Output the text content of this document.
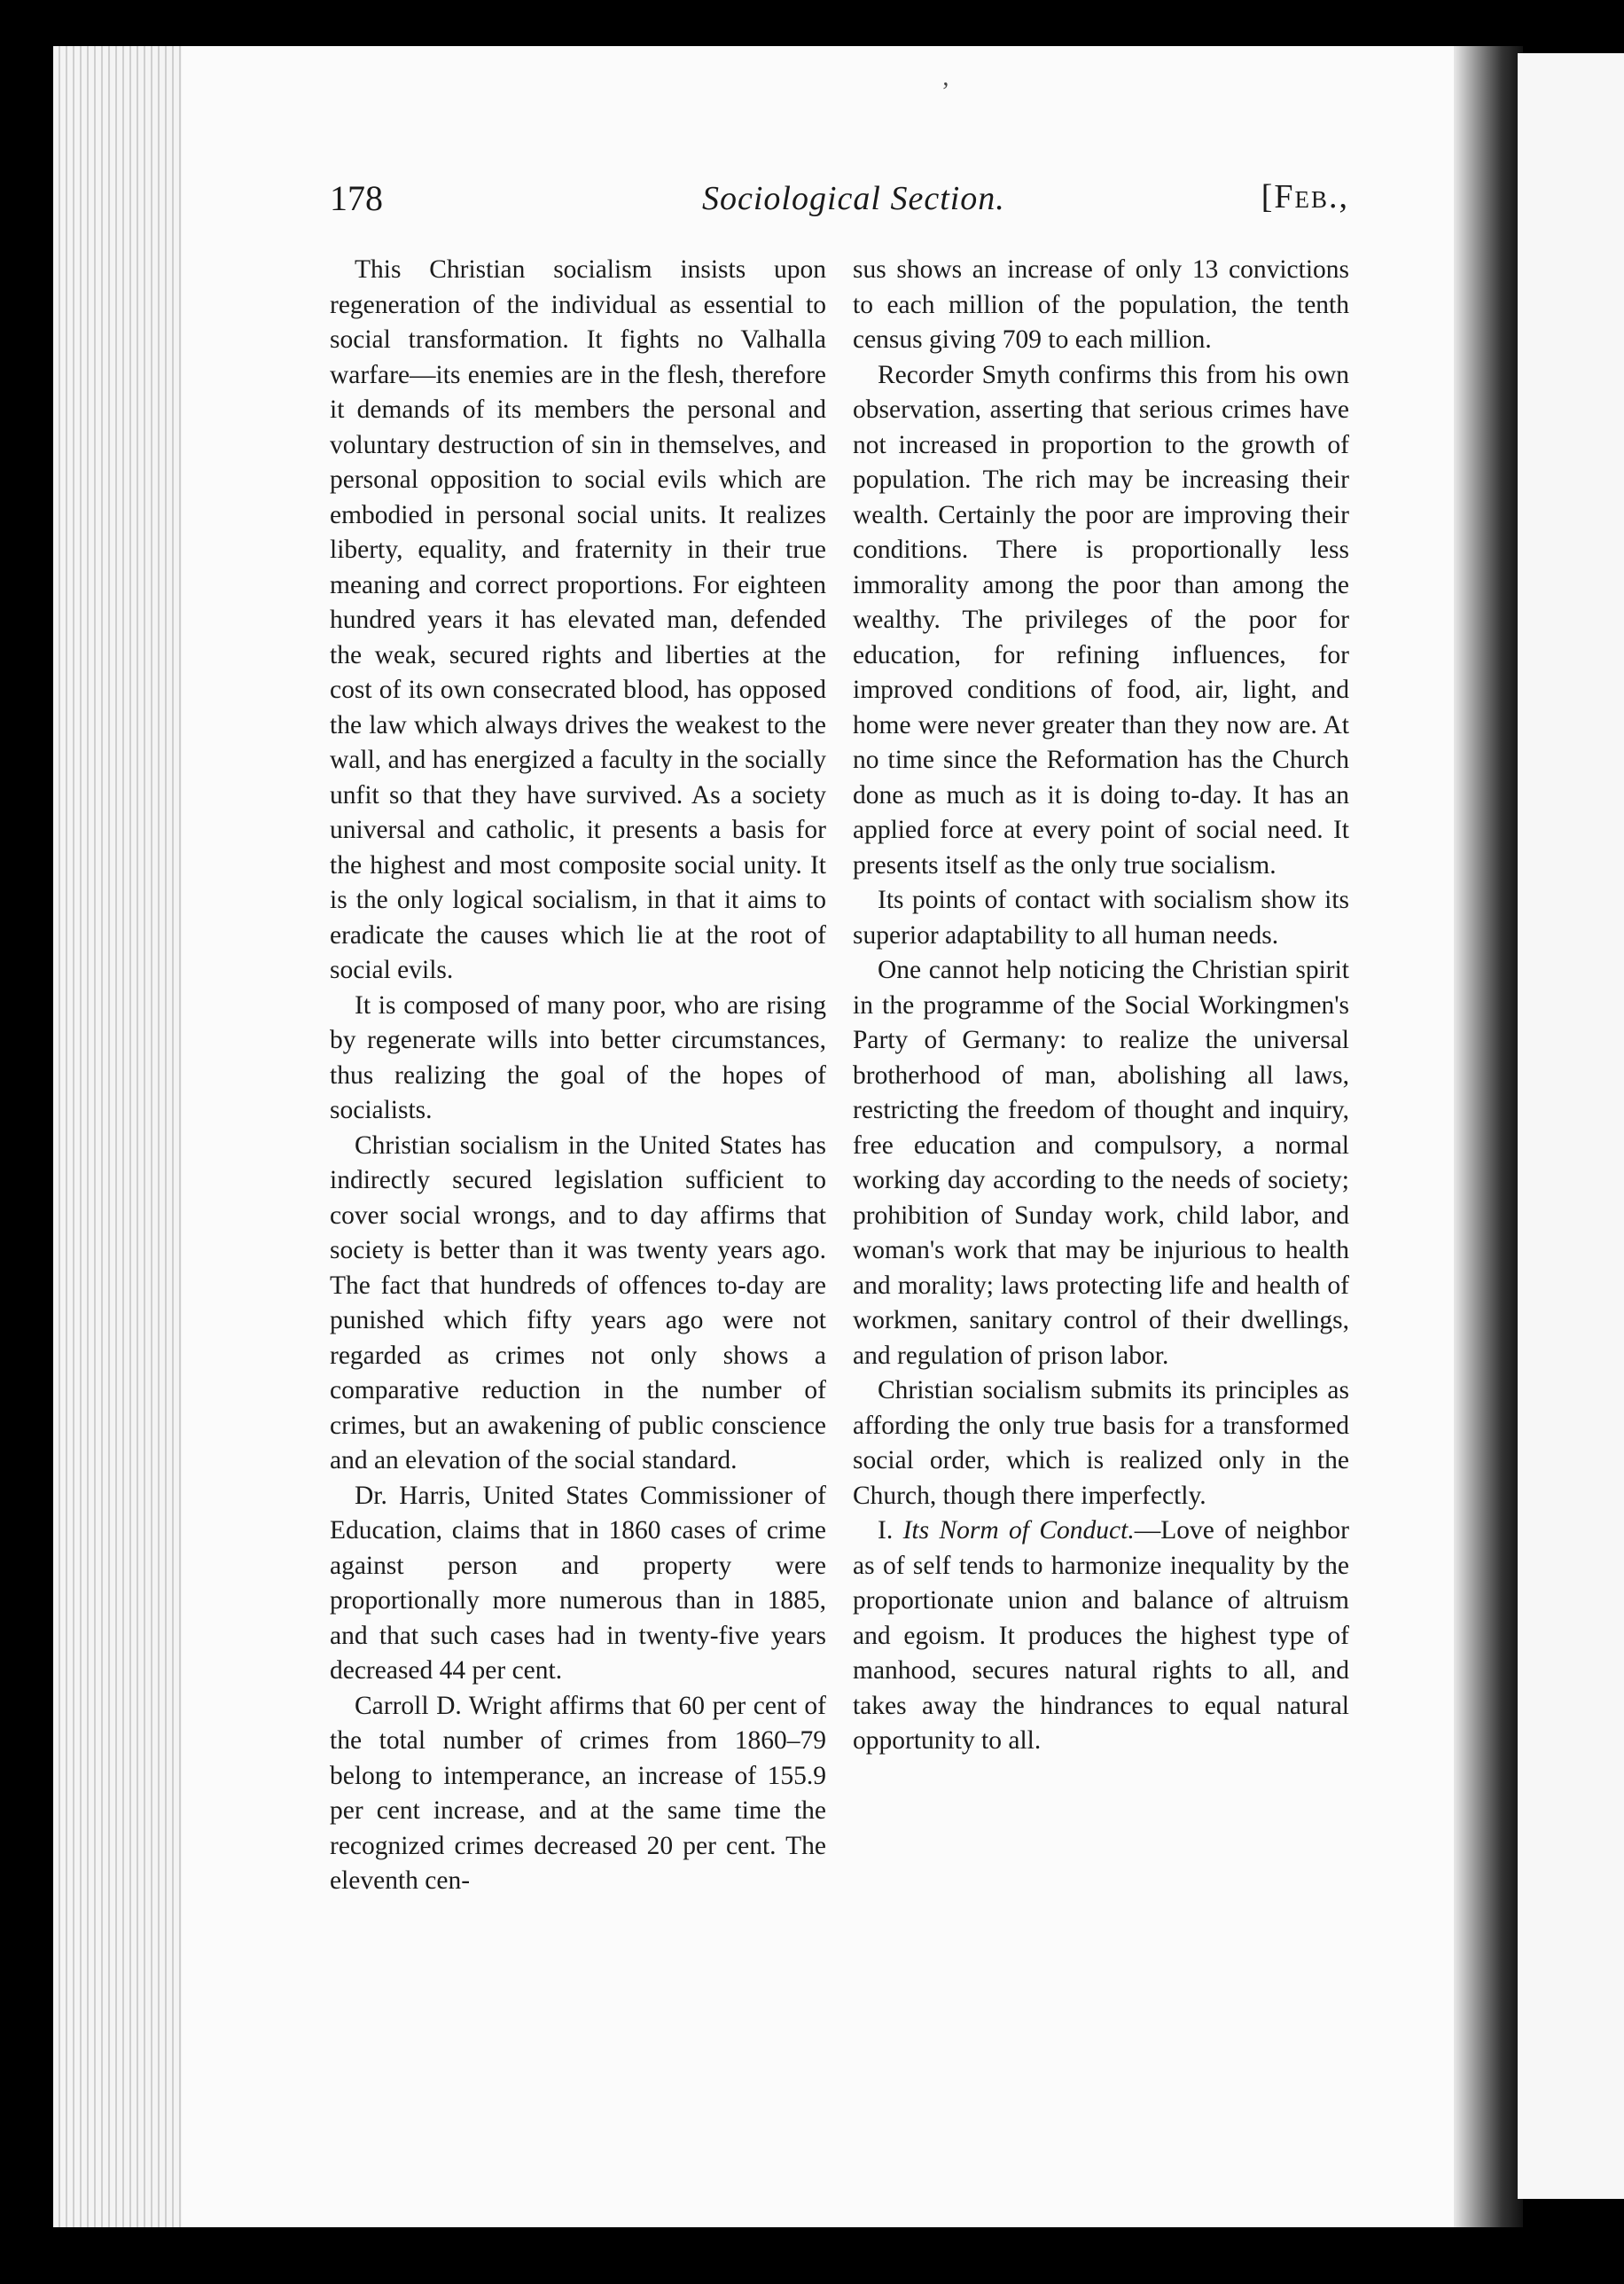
’
178	Sociological Section.	[Feb.,

This Christian socialism insists upon regeneration of the individual as essential to social transformation. It fights no Valhalla warfare—its enemies are in the flesh, therefore it demands of its members the personal and voluntary destruction of sin in themselves, and personal opposition to social evils which are embodied in personal social units. It realizes liberty, equality, and fraternity in their true meaning and correct proportions. For eighteen hundred years it has elevated man, defended the weak, secured rights and liberties at the cost of its own consecrated blood, has opposed the law which always drives the weakest to the wall, and has energized a faculty in the socially unfit so that they have survived. As a society universal and catholic, it presents a basis for the highest and most composite social unity. It is the only logical socialism, in that it aims to eradicate the causes which lie at the root of social evils.

It is composed of many poor, who are rising by regenerate wills into better circumstances, thus realizing the goal of the hopes of socialists.

Christian socialism in the United States has indirectly secured legislation sufficient to cover social wrongs, and to day affirms that society is better than it was twenty years ago. The fact that hundreds of offences to-day are punished which fifty years ago were not regarded as crimes not only shows a comparative reduction in the number of crimes, but an awakening of public conscience and an elevation of the social standard.

Dr. Harris, United States Commissioner of Education, claims that in 1860 cases of crime against person and property were proportionally more numerous than in 1885, and that such cases had in twenty-five years decreased 44 per cent.

Carroll D. Wright affirms that 60 per cent of the total number of crimes from 1860–79 belong to intemperance, an increase of 155.9 per cent increase, and at the same time the recognized crimes decreased 20 per cent. The eleventh cen-

sus shows an increase of only 13 convictions to each million of the population, the tenth census giving 709 to each million.

Recorder Smyth confirms this from his own observation, asserting that serious crimes have not increased in proportion to the growth of population. The rich may be increasing their wealth. Certainly the poor are improving their conditions. There is proportionally less immorality among the poor than among the wealthy. The privileges of the poor for education, for refining influences, for improved conditions of food, air, light, and home were never greater than they now are. At no time since the Reformation has the Church done as much as it is doing to-day. It has an applied force at every point of social need. It presents itself as the only true socialism.

Its points of contact with socialism show its superior adaptability to all human needs.

One cannot help noticing the Christian spirit in the programme of the Social Workingmen's Party of Germany: to realize the universal brotherhood of man, abolishing all laws, restricting the freedom of thought and inquiry, free education and compulsory, a normal working day according to the needs of society; prohibition of Sunday work, child labor, and woman's work that may be injurious to health and morality; laws protecting life and health of workmen, sanitary control of their dwellings, and regulation of prison labor.

Christian socialism submits its principles as affording the only true basis for a transformed social order, which is realized only in the Church, though there imperfectly.

I. Its Norm of Conduct.—Love of neighbor as of self tends to harmonize inequality by the proportionate union and balance of altruism and egoism. It produces the highest type of manhood, secures natural rights to all, and takes away the hindrances to equal natural opportunity to all.
